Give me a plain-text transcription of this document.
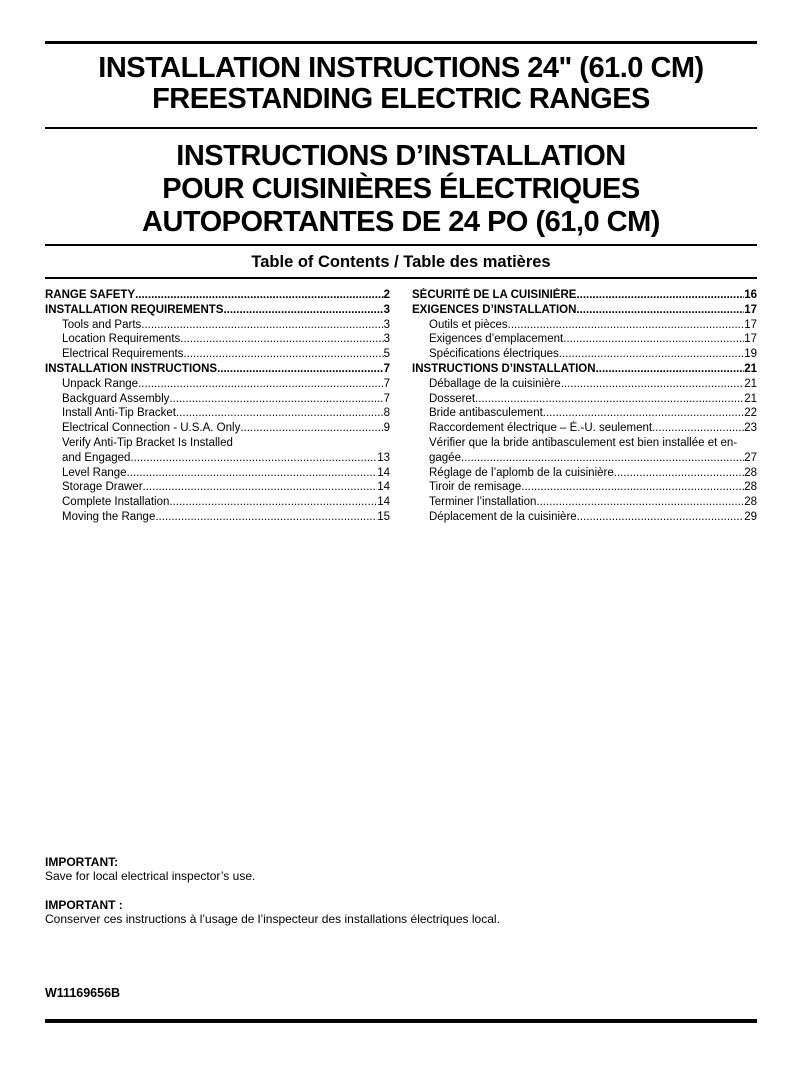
INSTALLATION INSTRUCTIONS 24" (61.0 CM)
FREESTANDING ELECTRIC RANGES
INSTRUCTIONS D’INSTALLATION
POUR CUISINIÈRES ÉLECTRIQUES
AUTOPORTANTES DE 24 PO (61,0 CM)
Table of Contents / Table des matières
RANGE SAFETY .....	2
INSTALLATION REQUIREMENTS .....	3
Tools and Parts .....	3
Location Requirements .....	3
Electrical Requirements .....	5
INSTALLATION INSTRUCTIONS .....	7
Unpack Range .....	7
Backguard Assembly .....	7
Install Anti-Tip Bracket .....	8
Electrical Connection - U.S.A. Only .....	9
Verify Anti-Tip Bracket Is Installed
and Engaged .....	13
Level Range .....	14
Storage Drawer .....	14
Complete Installation .....	14
Moving the Range .....	15
SÉCURITÉ DE LA CUISINIÈRE .....	16
EXIGENCES D’INSTALLATION .....	17
Outils et pièces .....	17
Exigences d’emplacement .....	17
Spécifications électriques .....	19
INSTRUCTIONS D’INSTALLATION .....	21
Déballage de la cuisinière .....	21
Dosseret .....	21
Bride antibasculement .....	22
Raccordement électrique – É.-U. seulement .....	23
Vérifier que la bride antibasculement est bien installée et en-
gagée .....	27
Réglage de l’aplomb de la cuisinière .....	28
Tiroir de remisage .....	28
Terminer l’installation .....	28
Déplacement de la cuisinière .....	29
IMPORTANT:
Save for local electrical inspector’s use.
IMPORTANT :
Conserver ces instructions à l’usage de l’inspecteur des installations électriques local.
W11169656B
